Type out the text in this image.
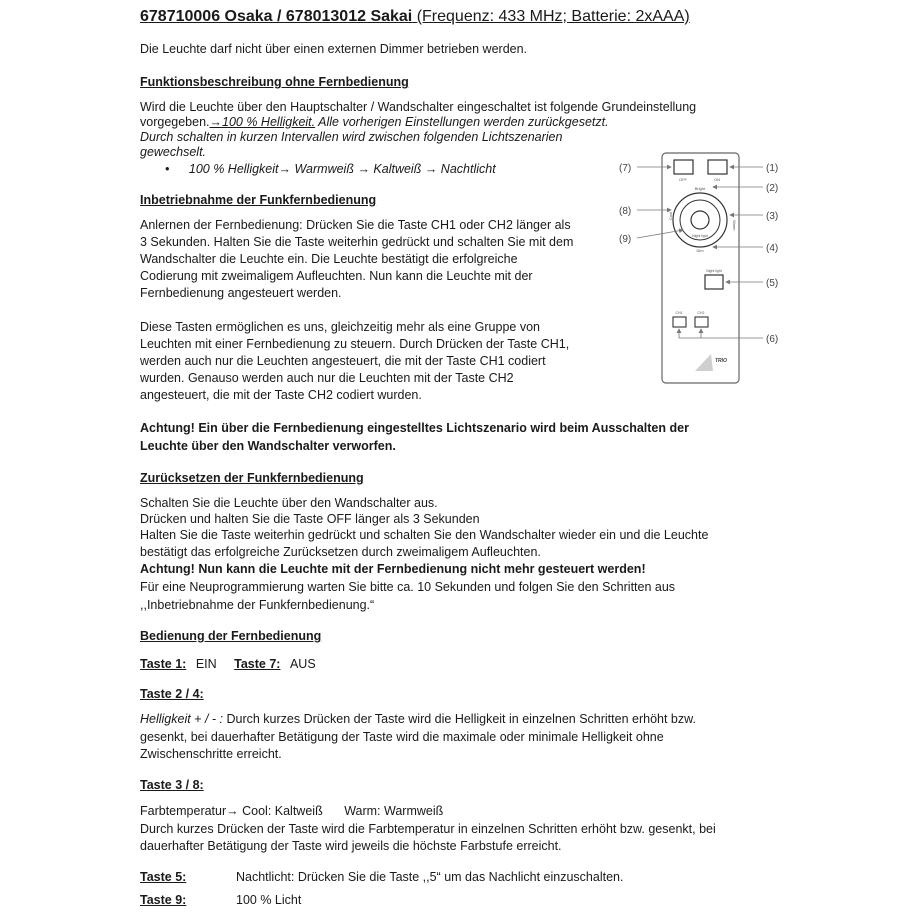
678710006 Osaka / 678013012 Sakai (Frequenz: 433 MHz; Batterie: 2xAAA)
Die Leuchte darf nicht über einen externen Dimmer betrieben werden.
Funktionsbeschreibung ohne Fernbedienung
Wird die Leuchte über den Hauptschalter / Wandschalter eingeschaltet ist folgende Grundeinstellung
vorgegeben.→100 % Helligkeit. Alle vorherigen Einstellungen werden zurückgesetzt.
Durch schalten in kurzen Intervallen wird zwischen folgenden Lichtszenarien
gewechselt.
• 100 % Helligkeit→ Warmweiß → Kaltweiß → Nachtlicht
Inbetriebnahme der Funkfernbedienung
Anlernen der Fernbedienung: Drücken Sie die Taste CH1 oder CH2 länger als
3 Sekunden. Halten Sie die Taste weiterhin gedrückt und schalten Sie mit dem
Wandschalter die Leuchte ein. Die Leuchte bestätigt die erfolgreiche
Codierung mit zweimaligem Aufleuchten. Nun kann die Leuchte mit der
Fernbedienung angesteuert werden.
Diese Tasten ermöglichen es uns, gleichzeitig mehr als eine Gruppe von
Leuchten mit einer Fernbedienung zu steuern. Durch Drücken der Taste CH1,
werden auch nur die Leuchten angesteuert, die mit der Taste CH1 codiert
wurden. Genauso werden auch nur die Leuchten mit der Taste CH2
angesteuert, die mit der Taste CH2 codiert wurden.
Achtung! Ein über die Fernbedienung eingestelltes Lichtszenario wird beim Ausschalten der
Leuchte über den Wandschalter verworfen.
Zurücksetzen der Funkfernbedienung
Schalten Sie die Leuchte über den Wandschalter aus.
Drücken und halten Sie die Taste OFF länger als 3 Sekunden
Halten Sie die Taste weiterhin gedrückt und schalten Sie den Wandschalter wieder ein und die Leuchte
bestätigt das erfolgreiche Zurücksetzen durch zweimaligem Aufleuchten.
Achtung! Nun kann die Leuchte mit der Fernbedienung nicht mehr gesteuert werden!
Für eine Neuprogrammierung warten Sie bitte ca. 10 Sekunden und folgen Sie den Schritten aus
,,Inbetriebnahme der Funkfernbedienung.“
Bedienung der Fernbedienung
Taste 1: EIN Taste 7: AUS
Taste 2 / 4:
Helligkeit + / - : Durch kurzes Drücken der Taste wird die Helligkeit in einzelnen Schritten erhöht bzw.
gesenkt, bei dauerhafter Betätigung der Taste wird die maximale oder minimale Helligkeit ohne
Zwischenschritte erreicht.
Taste 3 / 8:
Farbtemperatur→ Cool: Kaltweiß Warm: Warmweiß
Durch kurzes Drücken der Taste wird die Farbtemperatur in einzelnen Schritten erhöht bzw. gesenkt, bei
dauerhafter Betätigung der Taste wird jeweils die höchste Farbstufe erreicht.
Taste 5:	Nachtlicht: Drücken Sie die Taste ,,5“ um das Nachlicht einzuschalten.
Taste 9:	100 % Licht
OFF	ON
Bright
Cool
Warm
Night light
Dim
Night light
CH1	CH2
TRIO
(7)	(1)
(2)
(3)
(4)
(5)
(6)
(8)
(9)
